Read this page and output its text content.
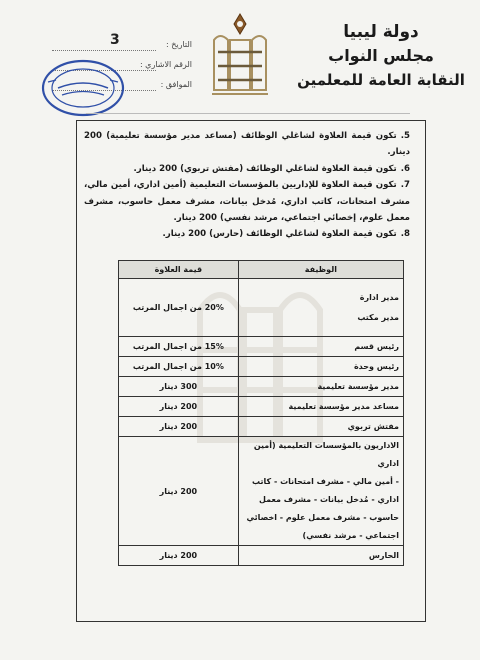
دولة ليبيا
مجلس النواب
النقابة العامة للمعلمين
التاريخ :
3
الرقم الاشاري :
الموافق :
5.تكون قيمة العلاوة لشاغلي الوظائف (مساعد مدير مؤسسة تعليمية) 200 دينار.
6.تكون قيمة العلاوة لشاغلي الوظائف (مفتش تربوي) 200 دينار.
7.تكون قيمة العلاوة للإداريين بالمؤسسات التعليمية (أمين اداري، أمين مالي، مشرف امتحانات، كاتب اداري، مُدخل بيانات، مشرف معمل حاسوب، مشرف معمل علوم، إخصائي اجتماعي، مرشد نفسي) 200 دينار.
8.تكون قيمة العلاوة لشاغلي الوظائف (حارس) 200 دينار.
الوظيفة	قيمة العلاوة

مدير ادارة
مدير مكتب	20% من اجمال المرتب
رئيس قسم	15% من اجمال المرتب
رئيس وحدة	10% من اجمال المرتب
مدير مؤسسة تعليمية	300 دينار
مساعد مدير مؤسسة تعليمية	200 دينار
مفتش تربوي	200 دينار

الاداريون بالمؤسسات التعليمية (أمين اداري
- أمين مالي - مشرف امتحانات - كاتب
اداري - مُدخل بيانات - مشرف معمل
حاسوب - مشرف معمل علوم - اخصائي
اجتماعي - مرشد نفسي)	200 دينار
الحارس	200 دينار
